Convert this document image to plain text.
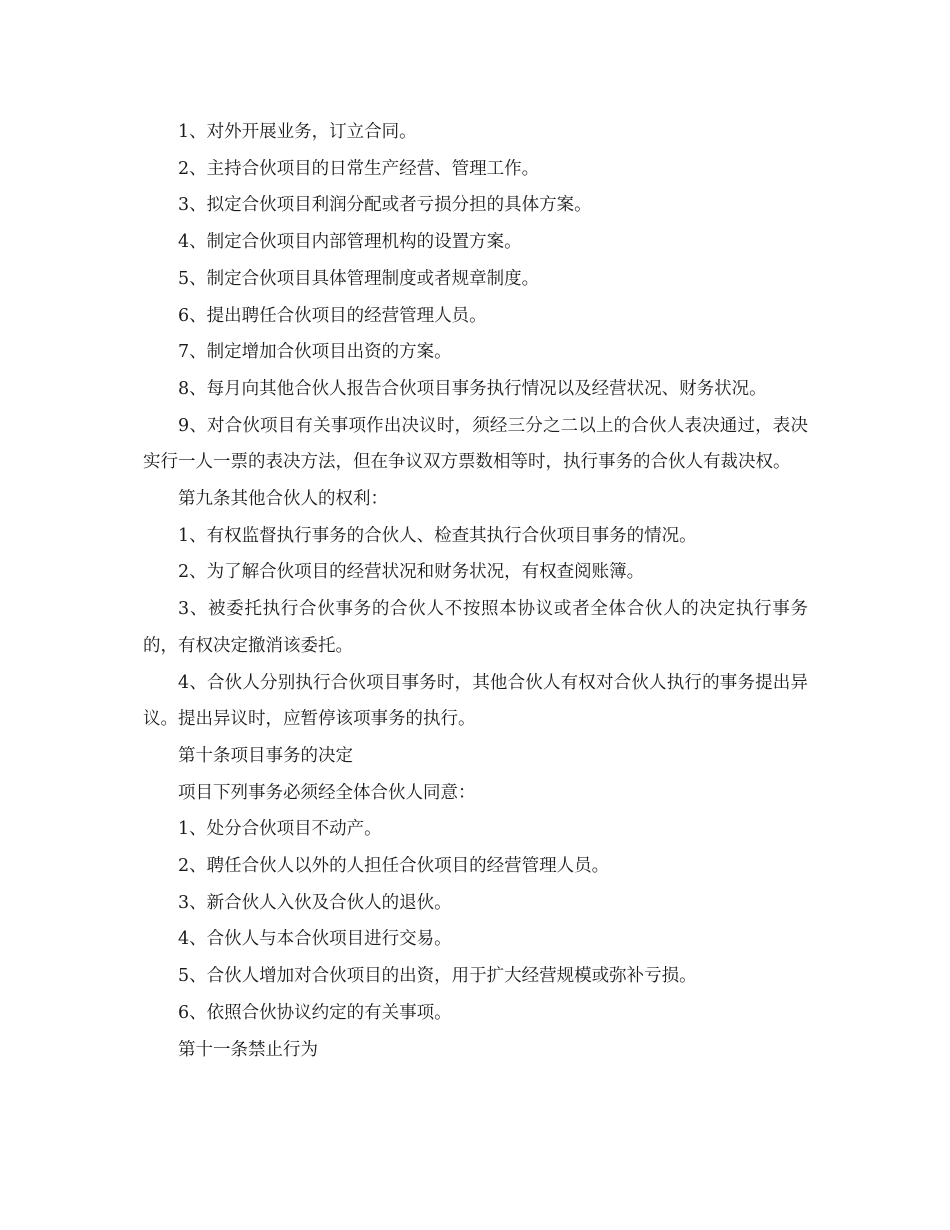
1、对外开展业务，订立合同。

2、主持合伙项目的日常生产经营、管理工作。

3、拟定合伙项目利润分配或者亏损分担的具体方案。

4、制定合伙项目内部管理机构的设置方案。

5、制定合伙项目具体管理制度或者规章制度。

6、提出聘任合伙项目的经营管理人员。

7、制定增加合伙项目出资的方案。

8、每月向其他合伙人报告合伙项目事务执行情况以及经营状况、财务状况。

9、对合伙项目有关事项作出决议时，须经三分之二以上的合伙人表决通过，表决实行一人一票的表决方法，但在争议双方票数相等时，执行事务的合伙人有裁决权。

第九条其他合伙人的权利：

1、有权监督执行事务的合伙人、检查其执行合伙项目事务的情况。

2、为了解合伙项目的经营状况和财务状况，有权查阅账簿。

3、被委托执行合伙事务的合伙人不按照本协议或者全体合伙人的决定执行事务的，有权决定撤消该委托。

4、合伙人分别执行合伙项目事务时，其他合伙人有权对合伙人执行的事务提出异议。提出异议时，应暂停该项事务的执行。

第十条项目事务的决定

项目下列事务必须经全体合伙人同意：

1、处分合伙项目不动产。

2、聘任合伙人以外的人担任合伙项目的经营管理人员。

3、新合伙人入伙及合伙人的退伙。

4、合伙人与本合伙项目进行交易。

5、合伙人增加对合伙项目的出资，用于扩大经营规模或弥补亏损。

6、依照合伙协议约定的有关事项。

第十一条禁止行为
